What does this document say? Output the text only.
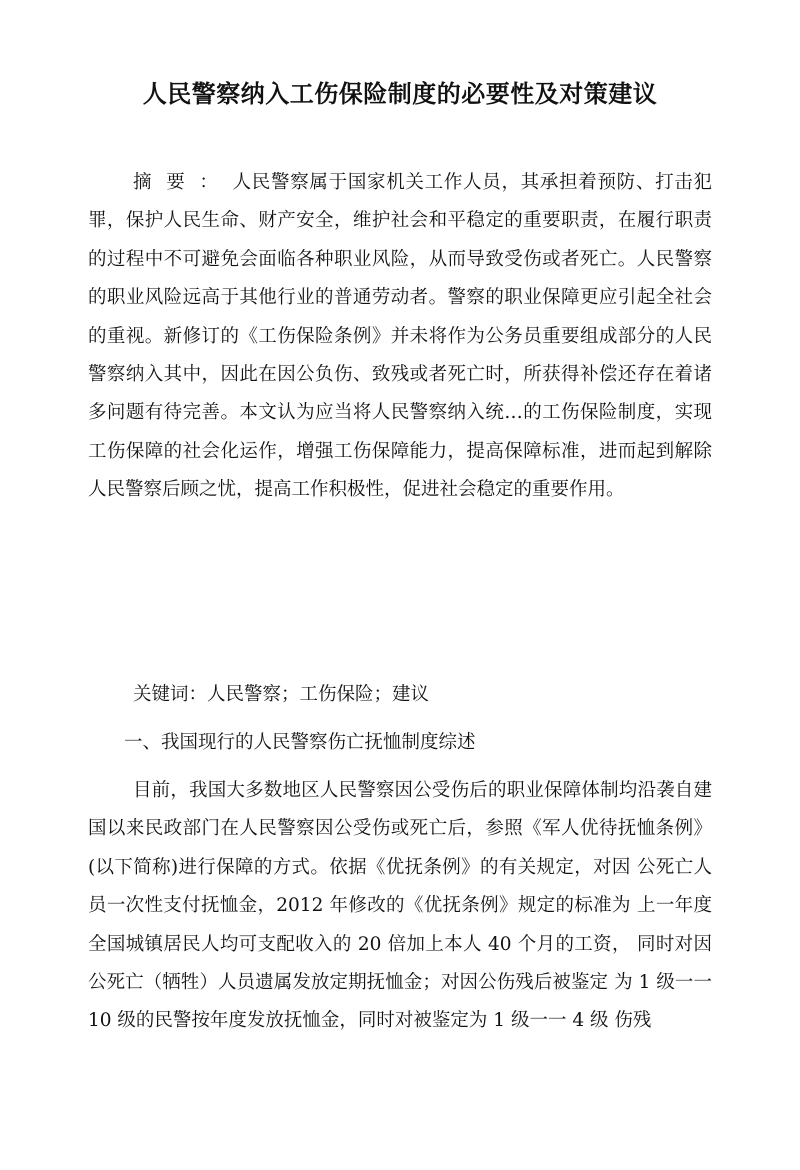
人民警察纳入工伤保险制度的必要性及对策建议
摘要：人民警察属于国家机关工作人员，其承担着预防、打击犯罪，保护人民生命、财产安全，维护社会和平稳定的重要职责，在履行职责的过程中不可避免会面临各种职业风险，从而导致受伤或者死亡。人民警察的职业风险远高于其他行业的普通劳动者。警察的职业保障更应引起全社会的重视。新修订的《工伤保险条例》并未将作为公务员重要组成部分的人民警察纳入其中，因此在因公负伤、致残或者死亡时，所获得补偿还存在着诸多问题有待完善。本文认为应当将人民警察纳入统…的工伤保险制度，实现工伤保障的社会化运作，增强工伤保障能力，提高保障标准，进而起到解除人民警察后顾之忧，提高工作积极性，促进社会稳定的重要作用。
关键词：人民警察；工伤保险；建议
一、我国现行的人民警察伤亡抚恤制度综述
目前，我国大多数地区人民警察因公受伤后的职业保障体制均沿袭自建国以来民政部门在人民警察因公受伤或死亡后，参照《军人优待抚恤条例》(以下简称)进行保障的方式。依据《优抚条例》的有关规定，对因 公死亡人员一次性支付抚恤金，2012 年修改的《优抚条例》规定的标准为 上一年度全国城镇居民人均可支配收入的 20 倍加上本人 40 个月的工资， 同时对因公死亡（牺牲）人员遗属发放定期抚恤金；对因公伤残后被鉴定 为 1 级一一 10 级的民警按年度发放抚恤金，同时对被鉴定为 1 级一一 4 级 伤残
